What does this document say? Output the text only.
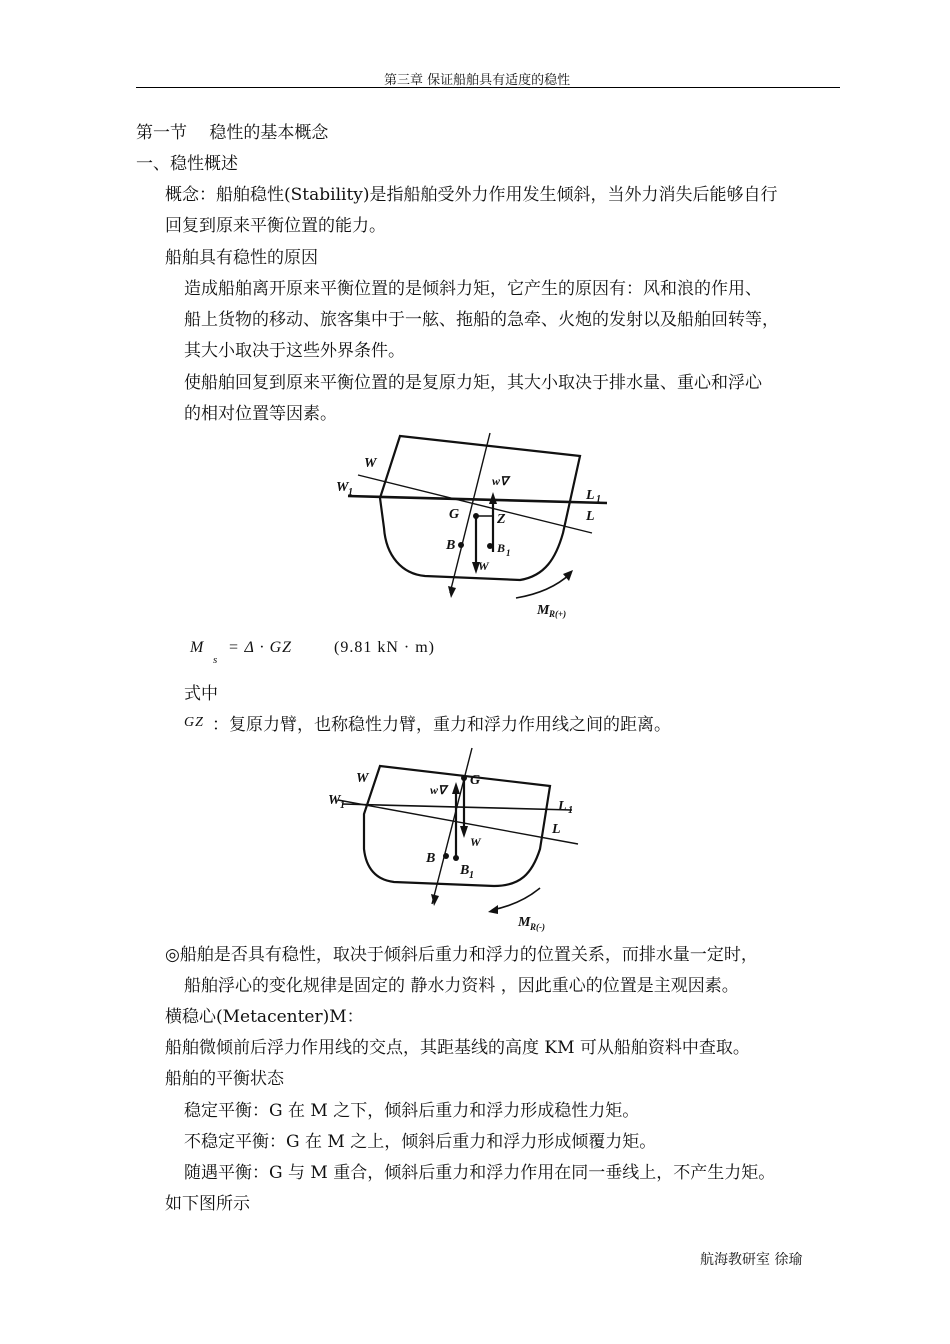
第三章 保证船舶具有适度的稳性
第一节　 稳性的基本概念
一、稳性概述
概念：船舶稳性(Stability)是指船舶受外力作用发生倾斜，当外力消失后能够自行
回复到原来平衡位置的能力。
船舶具有稳性的原因
造成船舶离开原来平衡位置的是倾斜力矩，它产生的原因有：风和浪的作用、
船上货物的移动、旅客集中于一舷、拖船的急牵、火炮的发射以及船舶回转等，
其大小取决于这些外界条件。
使船舶回复到原来平衡位置的是复原力矩，其大小取决于排水量、重心和浮心
的相对位置等因素。
W
W 1	L 1
L
w∇
G	Z
B	B 1
W
M R(+)
M
s
= Δ · GZ	(9.81 kN · m)
式中
GZ ：复原力臂，也称稳性力臂，重力和浮力作用线之间的距离。
W
W 1	L 1
L
G
w∇
W
B
B 1
M R(-)
◎船舶是否具有稳性，取决于倾斜后重力和浮力的位置关系，而排水量一定时，
船舶浮心的变化规律是固定的 静水力资料 ，因此重心的位置是主观因素。
横稳心(Metacenter)M：
船舶微倾前后浮力作用线的交点，其距基线的高度 KM 可从船舶资料中查取。
船舶的平衡状态
稳定平衡：G 在 M 之下，倾斜后重力和浮力形成稳性力矩。
不稳定平衡：G 在 M 之上，倾斜后重力和浮力形成倾覆力矩。
随遇平衡：G 与 M 重合，倾斜后重力和浮力作用在同一垂线上，不产生力矩。
如下图所示
航海教研室 徐瑜
